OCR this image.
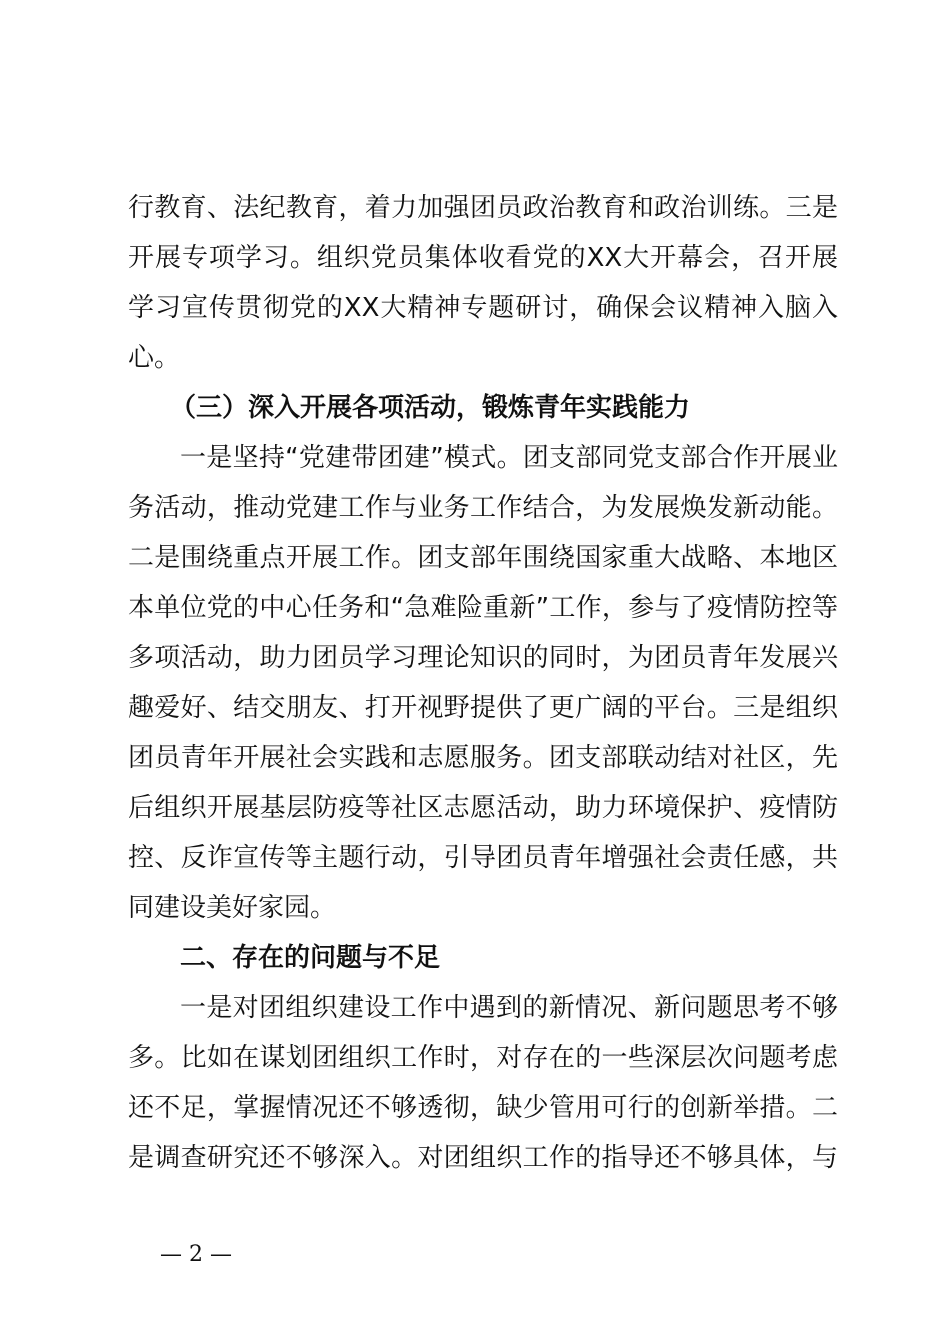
行教育、法纪教育，着力加强团员政治教育和政治训练。三是
开展专项学习。组织党员集体收看党的XX大开幕会，召开展
学习宣传贯彻党的XX大精神专题研讨，确保会议精神入脑入
心。
（三）深入开展各项活动，锻炼青年实践能力
一是坚持“党建带团建”模式。团支部同党支部合作开展业
务活动，推动党建工作与业务工作结合，为发展焕发新动能。
二是围绕重点开展工作。团支部年围绕国家重大战略、本地区
本单位党的中心任务和“急难险重新”工作，参与了疫情防控等
多项活动，助力团员学习理论知识的同时，为团员青年发展兴
趣爱好、结交朋友、打开视野提供了更广阔的平台。三是组织
团员青年开展社会实践和志愿服务。团支部联动结对社区，先
后组织开展基层防疫等社区志愿活动，助力环境保护、疫情防
控、反诈宣传等主题行动，引导团员青年增强社会责任感，共
同建设美好家园。
二、存在的问题与不足
一是对团组织建设工作中遇到的新情况、新问题思考不够
多。比如在谋划团组织工作时，对存在的一些深层次问题考虑
还不足，掌握情况还不够透彻，缺少管用可行的创新举措。二
是调查研究还不够深入。对团组织工作的指导还不够具体，与
— 2 —
